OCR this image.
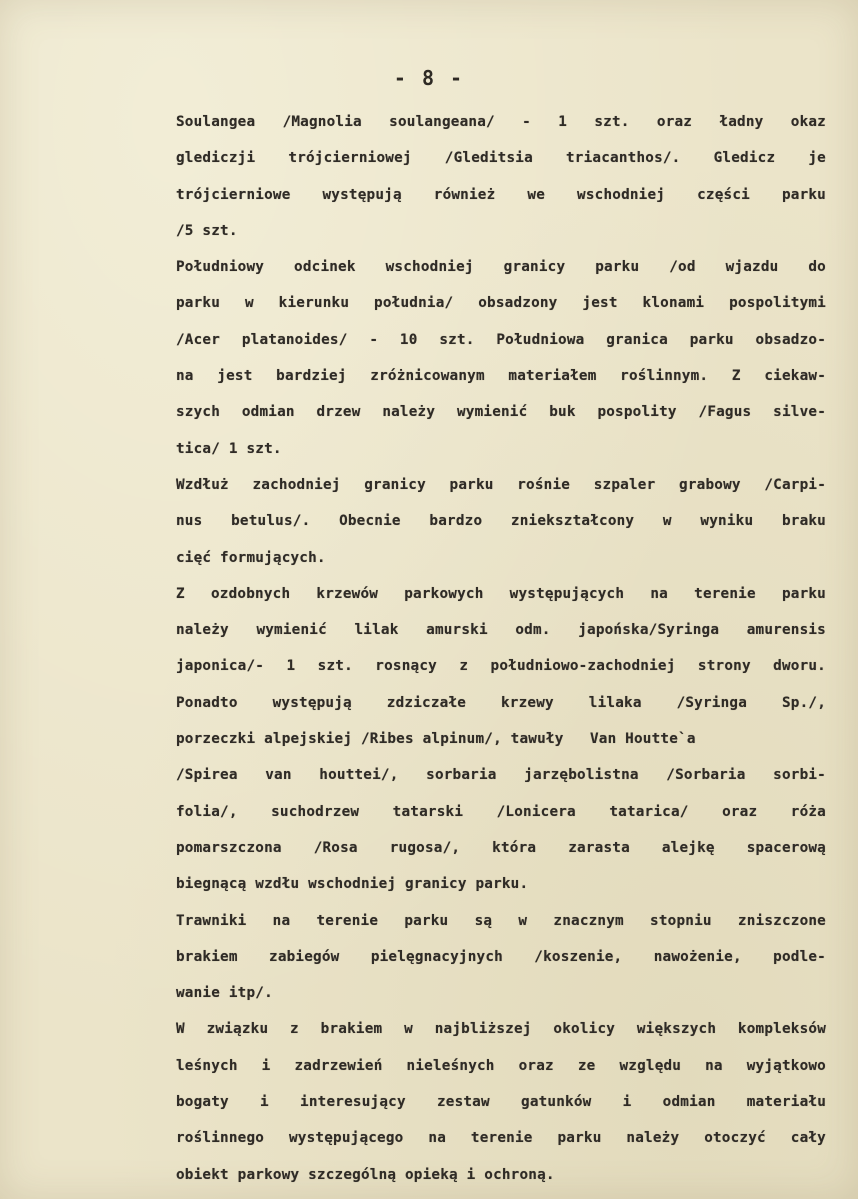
- 8 -
Soulangea /Magnolia soulangeana/ - 1 szt. oraz ładny okaz
glediczji trójcierniowej /Gleditsia triacanthos/. Gledicz je
trójcierniowe występują również we wschodniej części parku
/5 szt.
Południowy odcinek wschodniej granicy parku /od wjazdu do
parku w kierunku południa/ obsadzony jest klonami pospolitymi
/Acer platanoides/ - 10 szt. Południowa granica parku obsadzo-
na jest bardziej zróżnicowanym materiałem roślinnym. Z ciekaw-
szych odmian drzew należy wymienić buk pospolity /Fagus silve-
tica/ 1 szt.
Wzdłuż zachodniej granicy parku rośnie szpaler grabowy /Carpi-
nus betulus/. Obecnie bardzo zniekształcony w wyniku braku
cięć formujących.
Z ozdobnych krzewów parkowych występujących na terenie parku
należy wymienić lilak amurski odm. japońska/Syringa amurensis
japonica/- 1 szt. rosnący z południowo-zachodniej strony dworu.
Ponadto występują zdziczałe krzewy lilaka /Syringa Sp./,
porzeczki alpejskiej /Ribes alpinum/, tawuły   Van Houtte`a
/Spirea van houttei/, sorbaria jarzębolistna /Sorbaria sorbi-
folia/, suchodrzew tatarski /Lonicera tatarica/ oraz róża
pomarszczona /Rosa rugosa/, która zarasta alejkę spacerową
biegnącą wzdłu wschodniej granicy parku.
Trawniki na terenie parku są w znacznym stopniu zniszczone
brakiem zabiegów pielęgnacyjnych /koszenie, nawożenie, podle-
wanie itp/.
W związku z brakiem w najbliższej okolicy większych kompleksów
leśnych i zadrzewień nieleśnych oraz ze względu na wyjątkowo
bogaty i interesujący zestaw gatunków i odmian materiału
roślinnego występującego na terenie parku należy otoczyć cały
obiekt parkowy szczególną opieką i ochroną.
